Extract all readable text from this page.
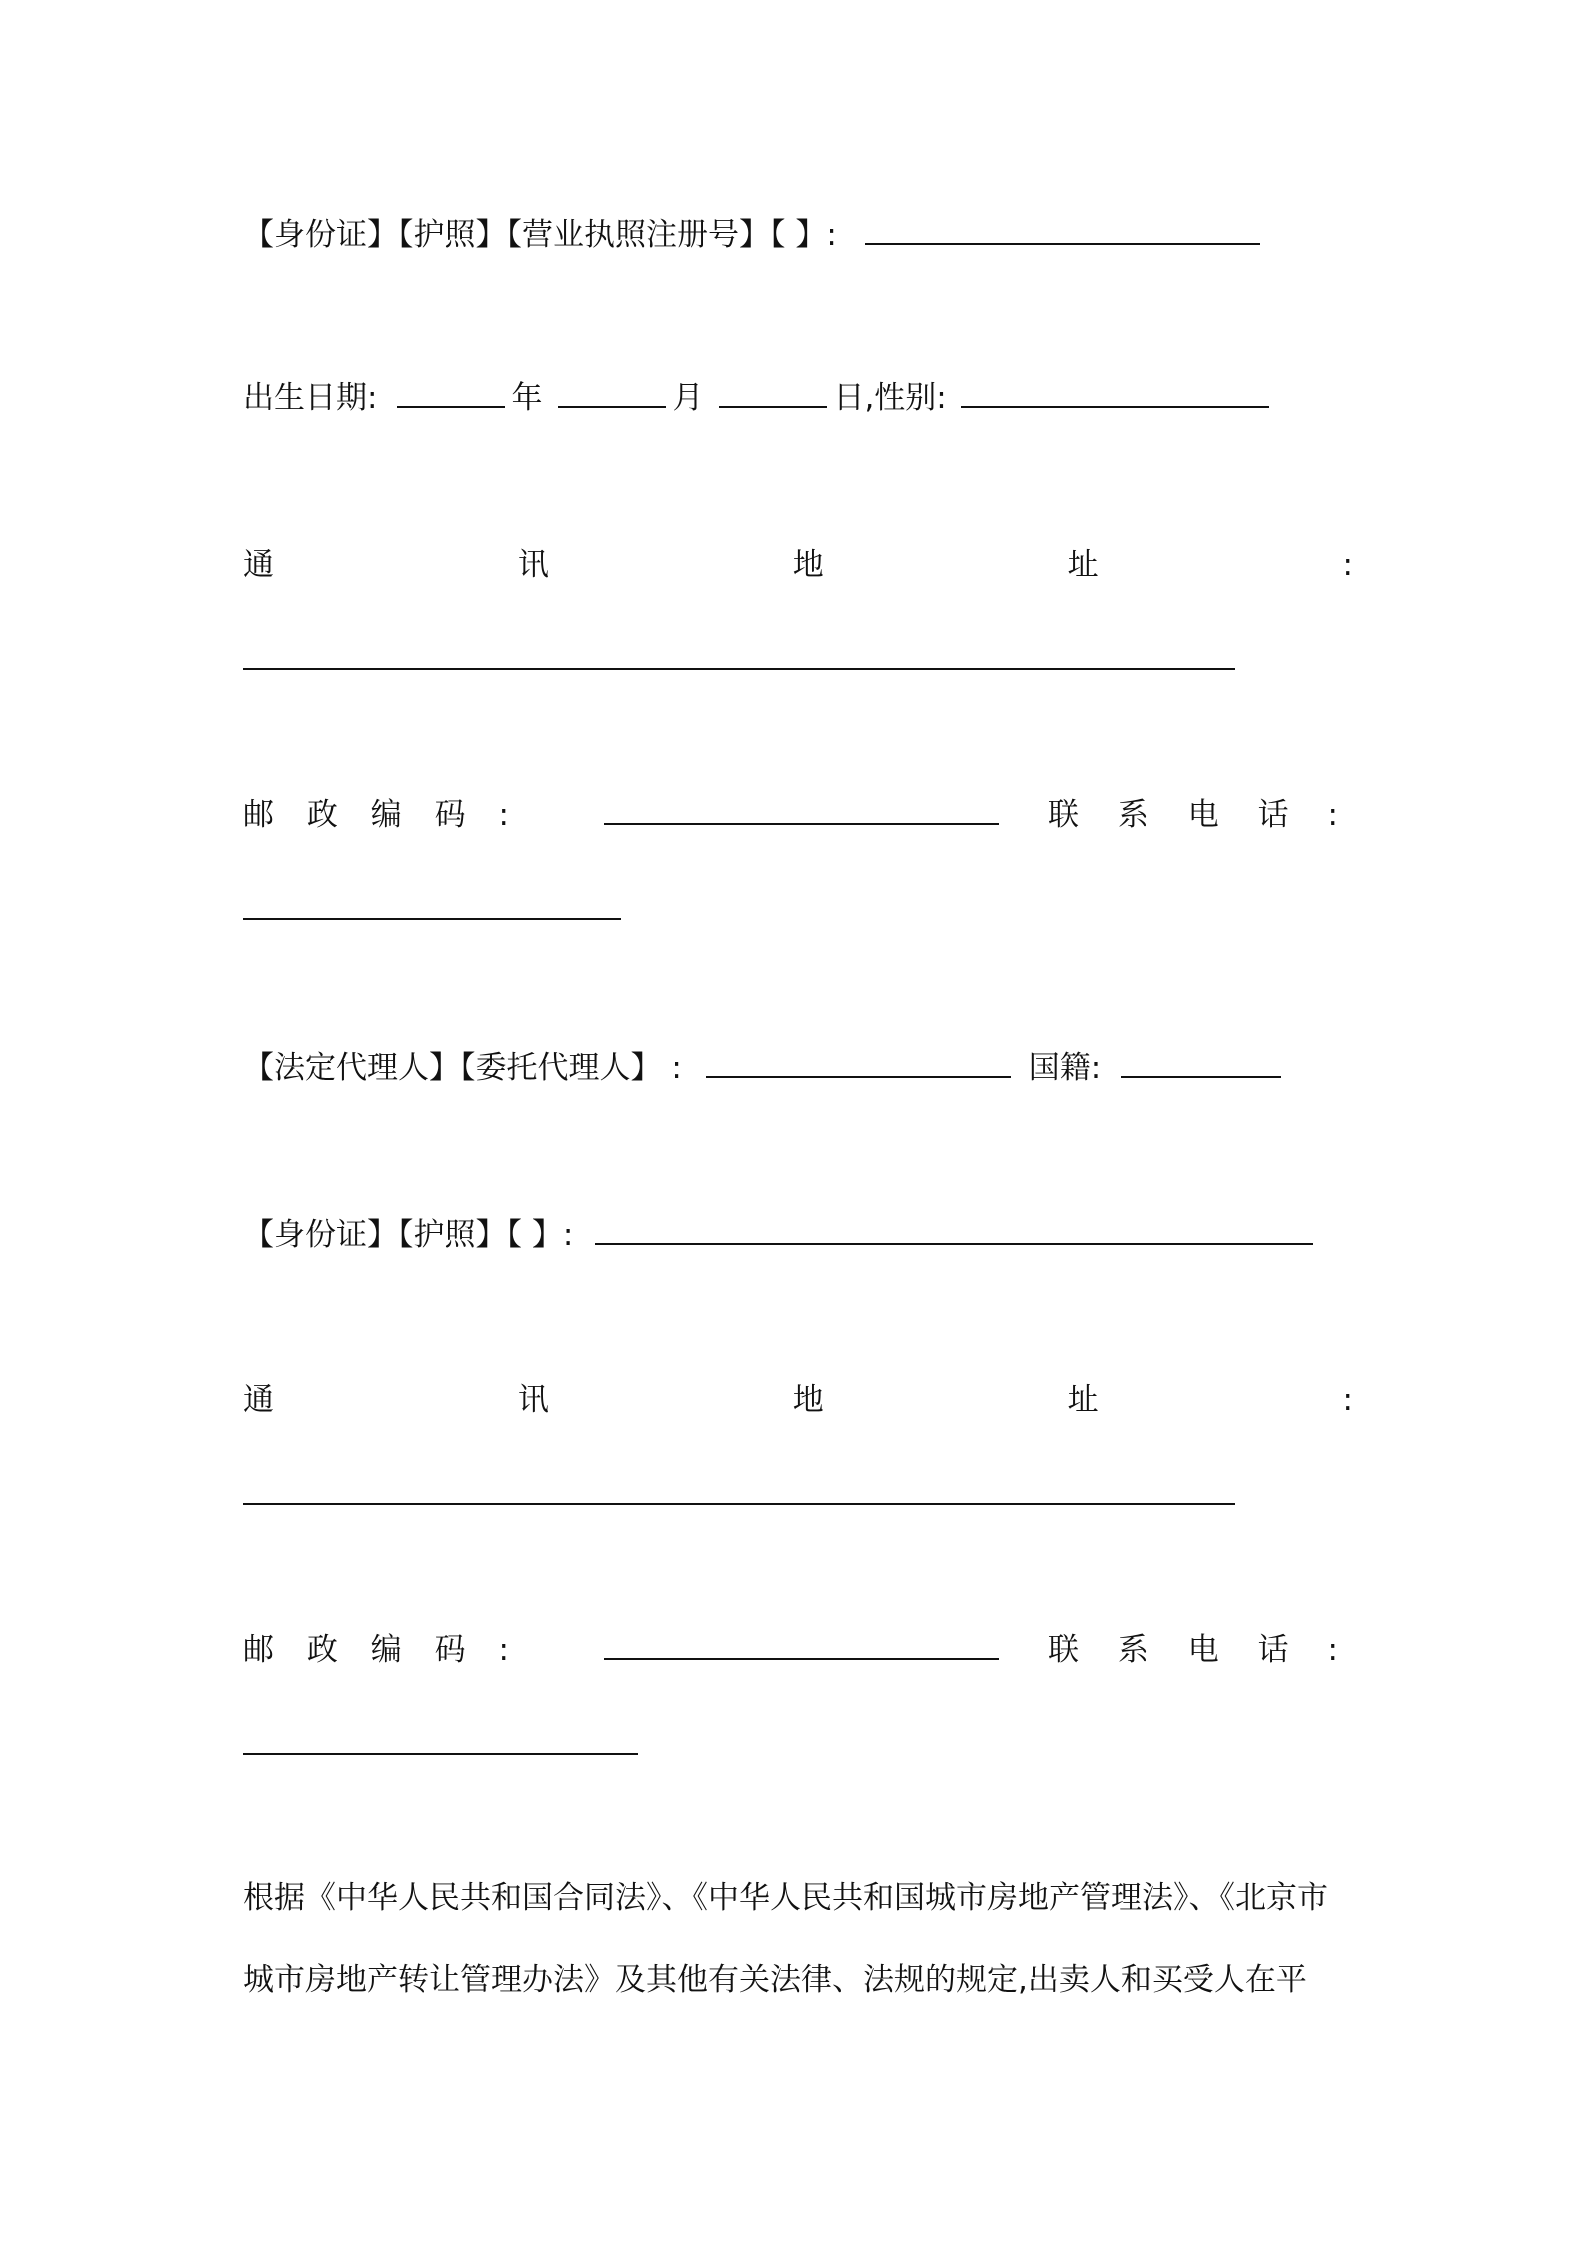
【身份证】【护照】【营业执照注册号】【 】:
出生日期:	年	月	日,性别:
通	讯	地	址	:
邮 政 编 码 :	联 系 电 话 :
【法定代理人】【委托代理人】 :	国籍:
【身份证】【护照】【 】:
通	讯	地	址	:
邮 政 编 码 :	联 系 电 话 :
根据《中华人民共和国合同法》、《中华人民共和国城市房地产管理法》、《北京市
城市房地产转让管理办法》及其他有关法律、法规的规定,出卖人和买受人在平
